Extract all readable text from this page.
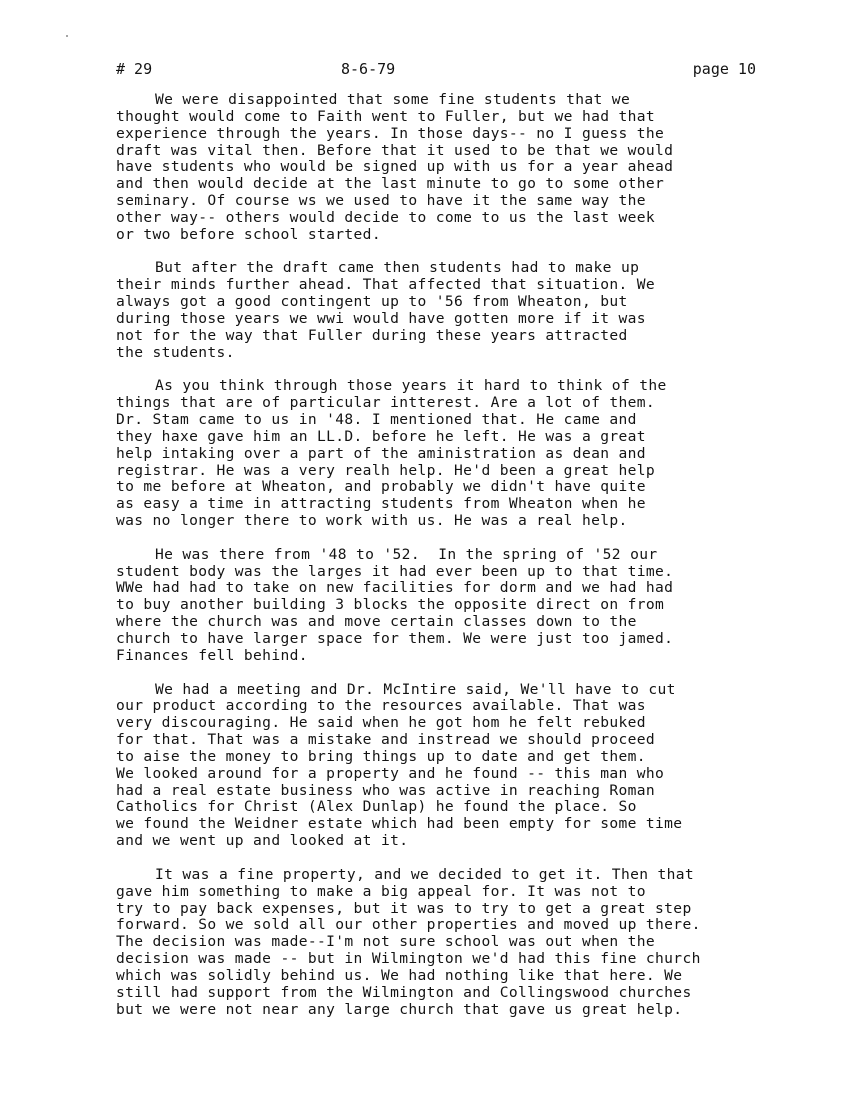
# 29	8-6-79	page 10
We were disappointed that some fine students that we
thought would come to Faith went to Fuller, but we had that
experience through the years. In those days-- no I guess the
draft was vital then. Before that it used to be that we would
have students who would be signed up with us for a year ahead
and then would decide at the last minute to go to some other
seminary. Of course ws we used to have it the same way the
other way-- others would decide to come to us the last week
or two before school started.
But after the draft came then students had to make up
their minds further ahead. That affected that situation. We
always got a good contingent up to '56 from Wheaton, but
during those years we wwi would have gotten more if it was
not for the way that Fuller during these years attracted
the students.
As you think through those years it hard to think of the
things that are of particular intterest. Are a lot of them.
Dr. Stam came to us in '48. I mentioned that. He came and
they haxe gave him an LL.D. before he left. He was a great
help intaking over a part of the aministration as dean and
registrar. He was a very realh help. He'd been a great help
to me before at Wheaton, and probably we didn't have quite
as easy a time in attracting students from Wheaton when he
was no longer there to work with us. He was a real help.
He was there from '48 to '52.  In the spring of '52 our
student body was the larges it had ever been up to that time.
WWe had had to take on new facilities for dorm and we had had
to buy another building 3 blocks the opposite direct on from
where the church was and move certain classes down to the
church to have larger space for them. We were just too jamed.
Finances fell behind.
We had a meeting and Dr. McIntire said, We'll have to cut
our product according to the resources available. That was
very discouraging. He said when he got hom he felt rebuked
for that. That was a mistake and instread we should proceed
to aise the money to bring things up to date and get them.
We looked around for a property and he found -- this man who
had a real estate business who was active in reaching Roman
Catholics for Christ (Alex Dunlap) he found the place. So
we found the Weidner estate which had been empty for some time
and we went up and looked at it.
It was a fine property, and we decided to get it. Then that
gave him something to make a big appeal for. It was not to
try to pay back expenses, but it was to try to get a great step
forward. So we sold all our other properties and moved up there.
The decision was made--I'm not sure school was out when the
decision was made -- but in Wilmington we'd had this fine church
which was solidly behind us. We had nothing like that here. We
still had support from the Wilmington and Collingswood churches
but we were not near any large church that gave us great help.
